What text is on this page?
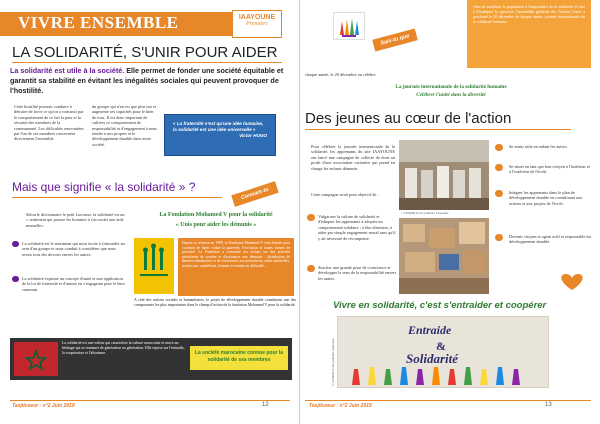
VIVRE ENSEMBLE	IAAYOUNE
Première
LA SOLIDARITÉ, S'UNIR POUR AIDER
La solidarité est utile à la société. Elle permet de fonder une société équitable et garantit sa stabilité en évitant les inégalités sociales qui peuvent provoquer de l'hostilité.
Cette hostilité pourrait conduire à détruire de force ce qu'on a construit par le comportement de ce fait la paix et la sécurité des membres de la communauté. Les difficultés rencontrées par l'un de ses membres concernent directement l'ensemble
du groupe qui n'en est que plus uni et augmente ses capacités pour le bien de tous. Il est donc important de cultiver ce comportement de responsabilité et d'engagement à nous rendre à nos propres et le développement durable dans notre société.
« La fraternité n'est qu'une idée humaine, la solidarité est une idée universelle »
Victor HUGO
Mais que signifie « la solidarité » ?	Connais-tu
Selon le dictionnaire le petit Larousse, la solidarité est un « sentiment qui pousse les hommes à s'accorder une aide mutuelle».
La solidarité est le sentiment qui nous incite à s'entraider au sein d'un groupe et nous conduit à considérer que nous avons tous des devoirs envers les autres.
La solidarité exprime un concept d'unité et une application de la loi de fraternité et d'amour en s'engageant pour le bien commun.
La Fondation Mohamed V pour la solidarité
« Unis pour aider les démunis »
Depuis sa création en 1999, la Fondation Mohamed V s'est donnée pour vocation de lutter contre la pauvreté, l'exclusion et toutes formes de précarité. La Fondation a concentré ses actions sur des activités prioritaires de soutien et d'assistance aux démunis : distribution de denrées alimentaires et de couvertures aux nécessiteux, aides matérielles, soutien aux orphelinats, femmes et enfants en difficulté...
A côté des actions sociales et humanitaires, le projet de développement durable constituent une des composantes les plus importantes dans le champ d'action de la fondation Mohamed V pour la solidarité.
La solidarité est une valeur qui caractérise la culture marocaine et ancre un héritage qui se transmet de génération en génération. Elle repose sur l'entraide, la coopération et l'altruisme.	La société marocaine connue pour la solidarité de ses membres
Tasjilcoeur - n°2 Juin 2019	12
Sais-tu que
Afin de mobiliser la population à l'importance de la solidarité et vise à l'éradiquer la pauvreté, l'assemblée générale des Nations Unies a proclamé le 20 décembre de chaque année, journée internationale de la solidarité humaine.
chaque année, le 20 décembre on célèbre
La journée internationale de la solidarité humaine
Célébrer l'unité dans la diversité
Des jeunes au cœur de l'action
Pour célébrer la journée internationale de la solidarité, les apprenants du site IAAYOUNE ont lancé une campagne de collecte de dons au profit d'une association caritative qui prend en charge les enfants démunis.
Cette campagne avait pour objectif de :
Vulgariser la culture de solidarité et d'éduquer les apprenants à adopter un comportement solidaire ; à être altruistes, à aider par simple engagement moral sans qu'il y ait nécessité de récompense.
Susciter une grande prise de conscience et développer le sens de la responsabilité envers les autres.
© LEMOR Ecole primaire Laayoune
Se sentir utile en aidant les autres.
Se situer en tant que bon citoyen à l'intérieur et à l'extérieur de l'école.
Intégrer les apprenants dans le plan de développement durable en contribuant aux actions et aux projets de l'école.
Devenir citoyen et agent actif et responsable du développement durable.
Vivre en solidarité, c'est s'entraider et coopérer
Entraide
&
Solidarité
© LEMOR Ecole primaire Laayoune
Tasjilcoeur - n°2 Juin 2019	13
